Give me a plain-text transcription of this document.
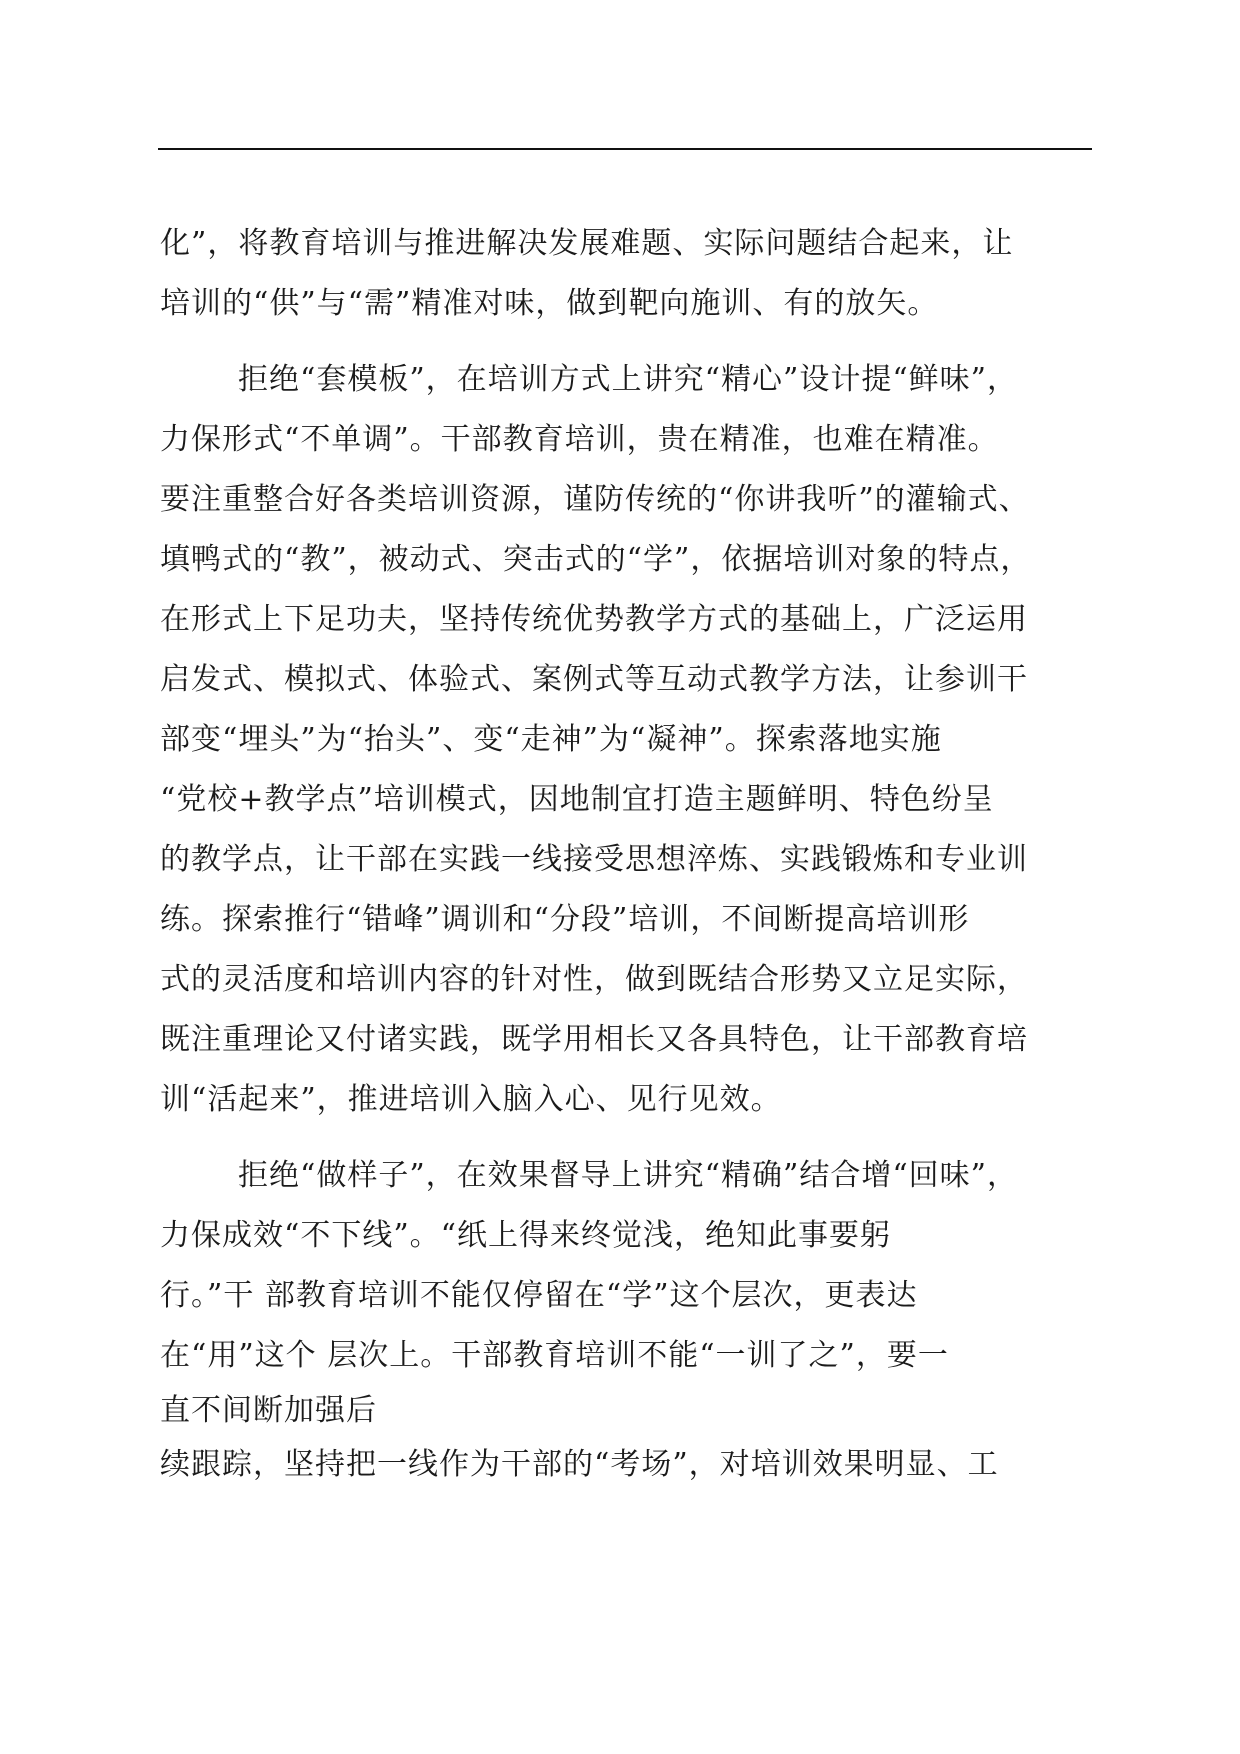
化”，将教育培训与推进解决发展难题、实际问题结合起来，让
培训的“供”与“需”精准对味，做到靶向施训、有的放矢。
拒绝“套模板”，在培训方式上讲究“精心”设计提“鲜味”，
力保形式“不单调”。干部教育培训，贵在精准，也难在精准。
要注重整合好各类培训资源，谨防传统的“你讲我听”的灌输式、
填鸭式的“教”，被动式、突击式的“学”，依据培训对象的特点，
在形式上下足功夫，坚持传统优势教学方式的基础上，广泛运用
启发式、模拟式、体验式、案例式等互动式教学方法，让参训干
部变“埋头”为“抬头”、变“走神”为“凝神”。探索落地实施
“党校+教学点”培训模式，因地制宜打造主题鲜明、特色纷呈
的教学点，让干部在实践一线接受思想淬炼、实践锻炼和专业训
练。探索推行“错峰”调训和“分段”培训，不间断提高培训形
式的灵活度和培训内容的针对性，做到既结合形势又立足实际，
既注重理论又付诸实践，既学用相长又各具特色，让干部教育培
训“活起来”，推进培训入脑入心、见行见效。
拒绝“做样子”，在效果督导上讲究“精确”结合增“回味”，
力保成效“不下线”。“纸上得来终觉浅，绝知此事要躬
行。”干 部教育培训不能仅停留在“学”这个层次，更表达
在“用”这个 层次上。干部教育培训不能“一训了之”，要一
直不间断加强后
续跟踪，坚持把一线作为干部的“考场”，对培训效果明显、工
